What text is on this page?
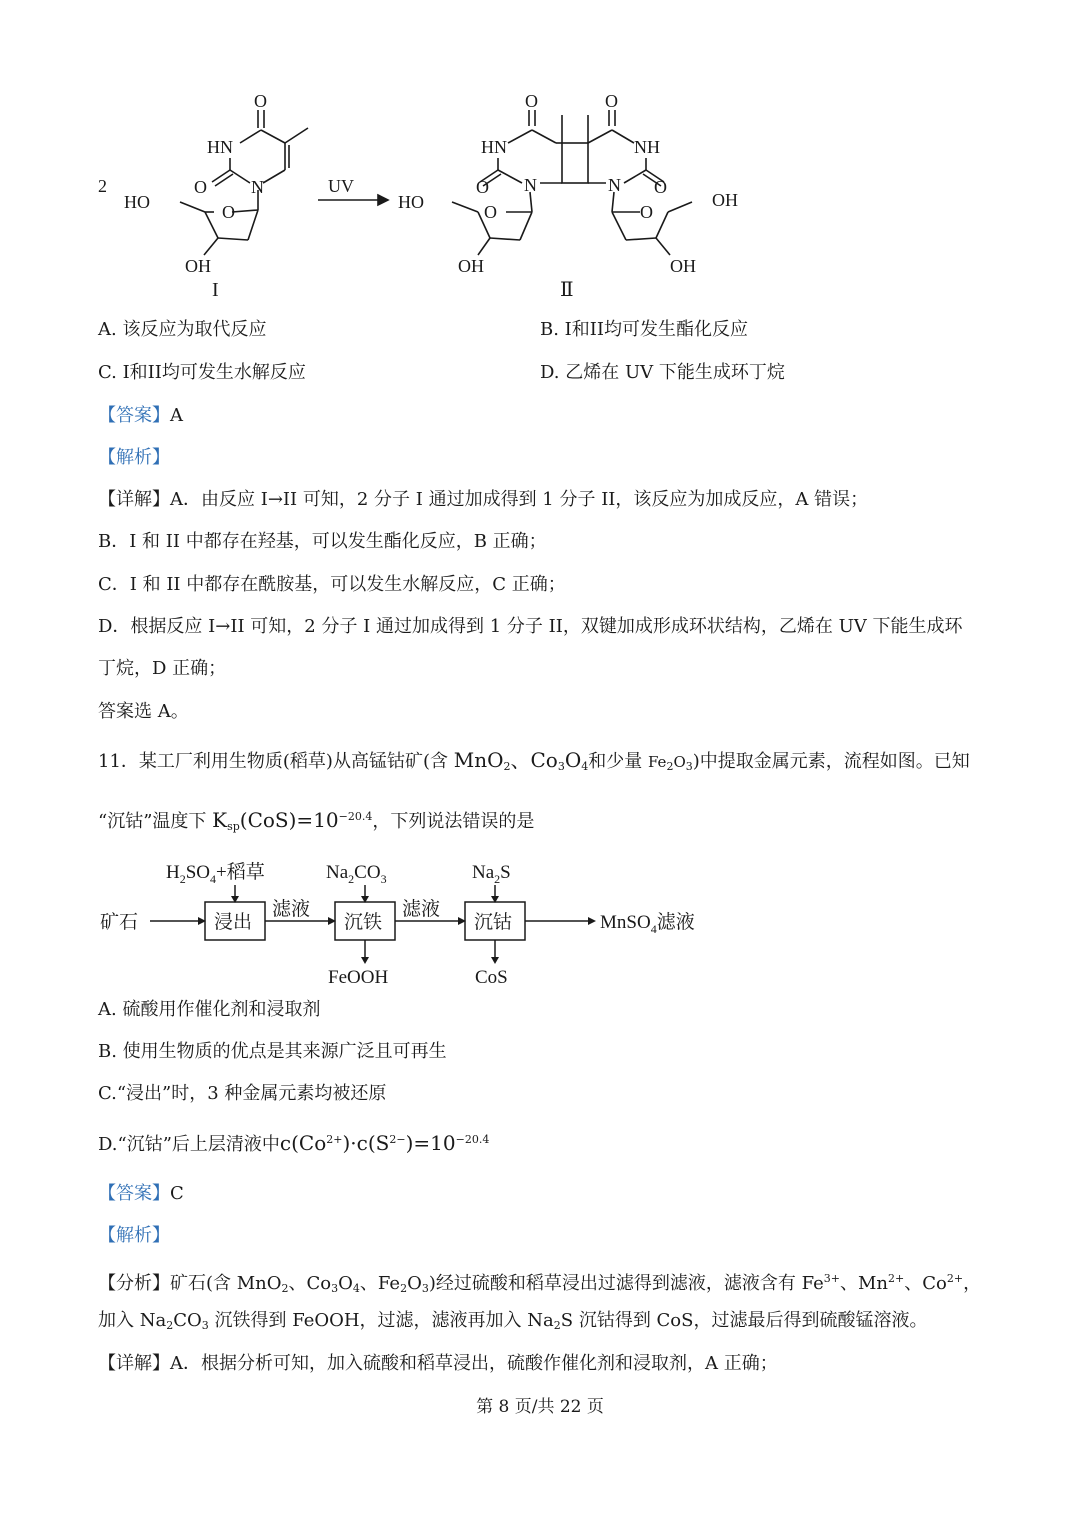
2
O
HN
O N
HO	O
OH
I
UV
O	O
HN	NH
O N	N O
HO	O	O
OH
OH	OH
Ⅱ
A. 该反应为取代反应	B. I和II均可发生酯化反应
C. I和II均可发生水解反应	D. 乙烯在 UV 下能生成环丁烷
【答案】A
【解析】
【详解】A．由反应 I→II 可知，2 分子 I 通过加成得到 1 分子 II，该反应为加成反应，A 错误；
B．I 和 II 中都存在羟基，可以发生酯化反应，B 正确；
C．I 和 II 中都存在酰胺基，可以发生水解反应，C 正确；
D．根据反应 I→II 可知，2 分子 I 通过加成得到 1 分子 II，双键加成形成环状结构，乙烯在 UV 下能生成环
丁烷，D 正确；
答案选 A。
11．某工厂利用生物质(稻草)从高锰钴矿(含 MnO$_2$、$Co_3O_4$和少量 $Fe_2O_3$)中提取金属元素，流程如图。已知
“沉钴”温度下 $K_{sp}(CoS)=10^{-20.4}$，下列说法错误的是
$H_2SO_4+$稻草	$Na_2CO_3$	$Na_2S$
矿石	浸出	沉铁	沉钴
滤液	滤液
MnSO$_4$滤液
FeOOH	CoS
A. 硫酸用作催化剂和浸取剂
B. 使用生物质的优点是其来源广泛且可再生
C.“浸出”时，3 种金属元素均被还原
D.“沉钴”后上层清液中$c(Co^{2+})\cdot c(S^{2-})=10^{-20.4}$
【答案】C
【解析】
【分析】矿石(含 MnO$_2$、$Co_3O_4$、$Fe_2O_3$)经过硫酸和稻草浸出过滤得到滤液，滤液含有 $Fe^{3+}$、$Mn^{2+}$、$Co^{2+}$，
加入 $Na_2CO_3$ 沉铁得到 FeOOH，过滤，滤液再加入 $Na_2S$ 沉钴得到 CoS，过滤最后得到硫酸锰溶液。
【详解】A．根据分析可知，加入硫酸和稻草浸出，硫酸作催化剂和浸取剂，A 正确；
第 8 页/共 22 页
